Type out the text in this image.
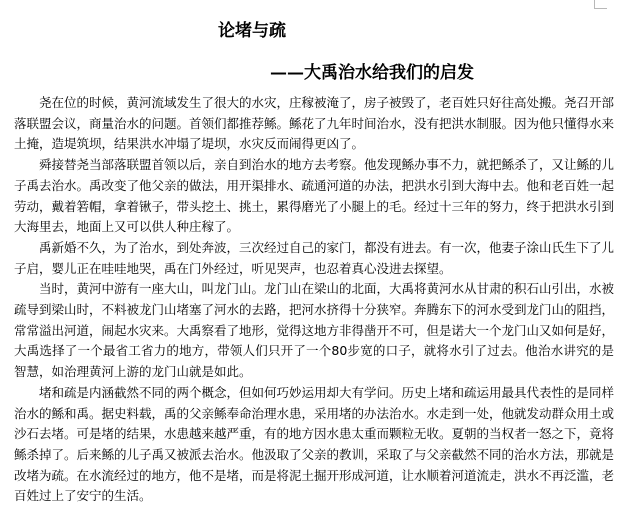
论堵与疏
——大禹治水给我们的启发

尧在位的时候，黄河流域发生了很大的水灾，庄稼被淹了，房子被毁了，老百姓只好往高处搬。尧召开部落联盟会议，商量治水的问题。首领们都推荐鲧。鲧花了九年时间治水，没有把洪水制服。因为他只懂得水来土掩，造堤筑坝，结果洪水冲塌了堤坝，水灾反而闹得更凶了。

舜接替尧当部落联盟首领以后，亲自到治水的地方去考察。他发现鲧办事不力，就把鲧杀了，又让鲧的儿子禹去治水。禹改变了他父亲的做法，用开渠排水、疏通河道的办法，把洪水引到大海中去。他和老百姓一起劳动，戴着箬帽，拿着锹子，带头挖土、挑土，累得磨光了小腿上的毛。经过十三年的努力，终于把洪水引到大海里去，地面上又可以供人种庄稼了。

禹新婚不久，为了治水，到处奔波，三次经过自己的家门，都没有进去。有一次，他妻子涂山氏生下了儿子启，婴儿正在哇哇地哭，禹在门外经过，听见哭声，也忍着真心没进去探望。

当时，黄河中游有一座大山，叫龙门山。龙门山在梁山的北面，大禹将黄河水从甘肃的积石山引出，水被疏导到梁山时，不料被龙门山堵塞了河水的去路，把河水挤得十分狭窄。奔腾东下的河水受到龙门山的阻挡，常常溢出河道，闹起水灾来。大禹察看了地形，觉得这地方非得凿开不可，但是诺大一个龙门山又如何是好，大禹选择了一个最省工省力的地方，带领人们只开了一个80步宽的口子，就将水引了过去。他治水讲究的是智慧，如治理黄河上游的龙门山就是如此。

堵和疏是内涵截然不同的两个概念，但如何巧妙运用却大有学问。历史上堵和疏运用最具代表性的是同样治水的鲧和禹。据史料载，禹的父亲鲧奉命治理水患，采用堵的办法治水。水走到一处，他就发动群众用土或沙石去堵。可是堵的结果，水患越来越严重，有的地方因水患太重而颗粒无收。夏朝的当权者一怒之下，竟将鲧杀掉了。后来鲧的儿子禹又被派去治水。他汲取了父亲的教训，采取了与父亲截然不同的治水方法，那就是改堵为疏。在水流经过的地方，他不是堵，而是将泥土掘开形成河道，让水顺着河道流走，洪水不再泛滥，老百姓过上了安宁的生活。
